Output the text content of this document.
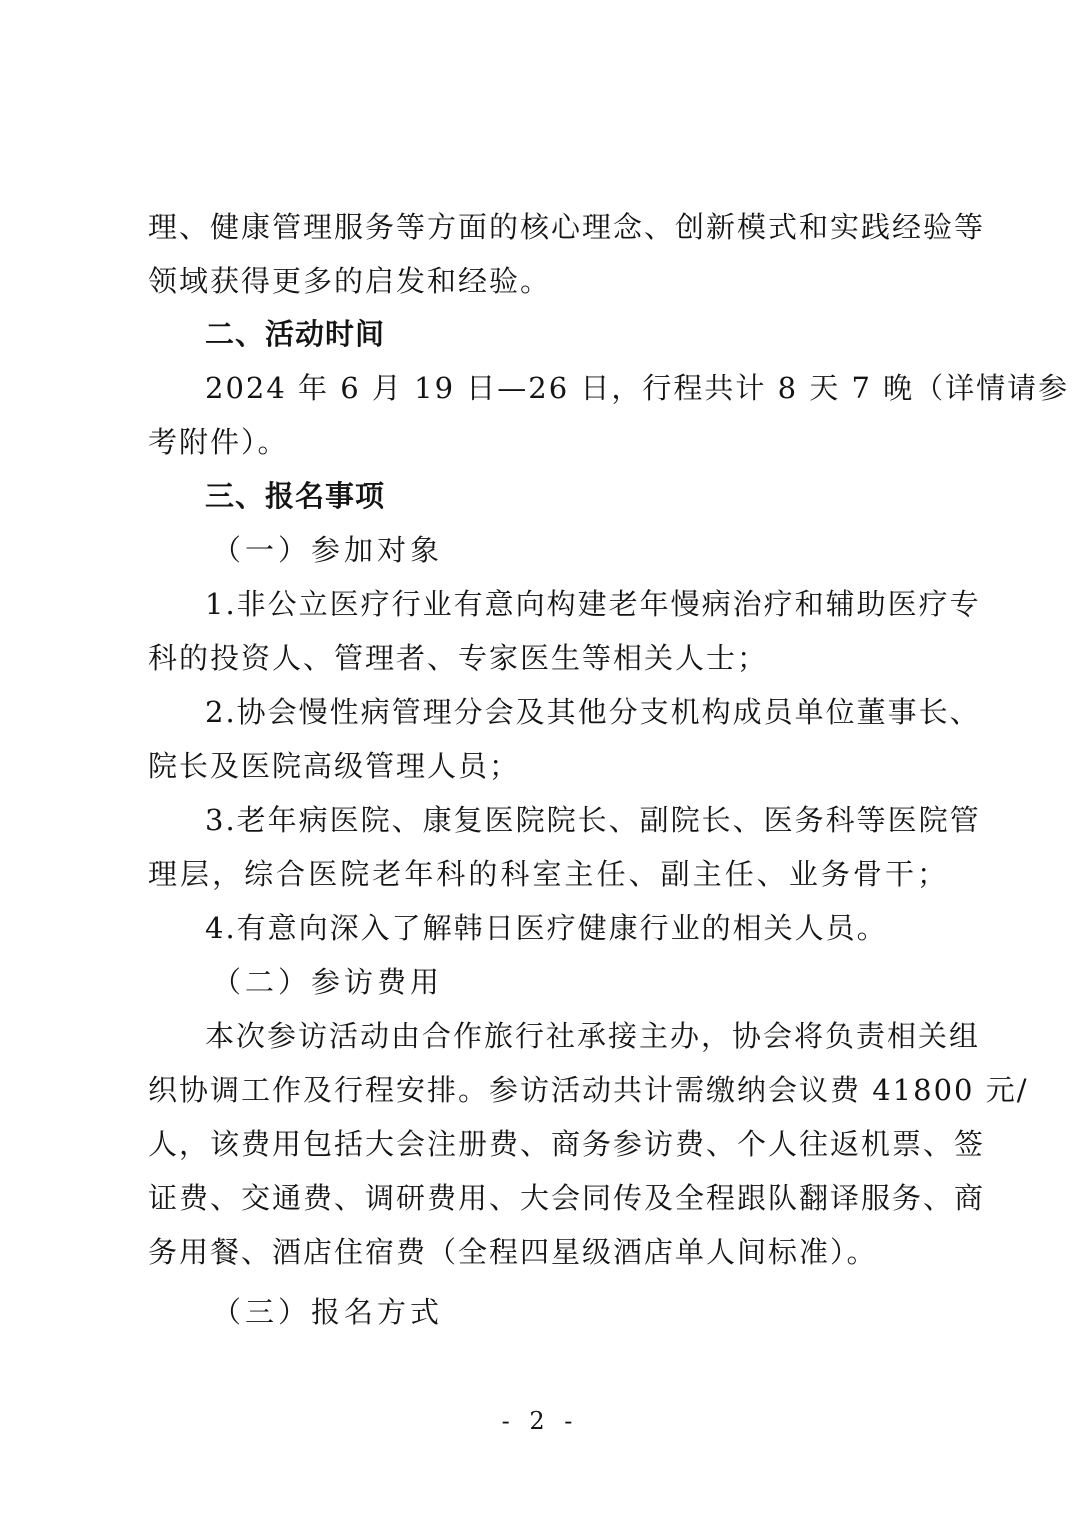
理、健康管理服务等方面的核心理念、创新模式和实践经验等
领域获得更多的启发和经验。
二、活动时间
2024 年 6 月 19 日—26 日，行程共计 8 天 7 晚（详情请参
考附件）。
三、报名事项
（一）参加对象
1.非公立医疗行业有意向构建老年慢病治疗和辅助医疗专
科的投资人、管理者、专家医生等相关人士；
2.协会慢性病管理分会及其他分支机构成员单位董事长、
院长及医院高级管理人员；
3.老年病医院、康复医院院长、副院长、医务科等医院管
理层，综合医院老年科的科室主任、副主任、业务骨干；
4.有意向深入了解韩日医疗健康行业的相关人员。
（二）参访费用
本次参访活动由合作旅行社承接主办，协会将负责相关组
织协调工作及行程安排。参访活动共计需缴纳会议费 41800 元/
人，该费用包括大会注册费、商务参访费、个人往返机票、签
证费、交通费、调研费用、大会同传及全程跟队翻译服务、商
务用餐、酒店住宿费（全程四星级酒店单人间标准）。
（三）报名方式
- 2 -
